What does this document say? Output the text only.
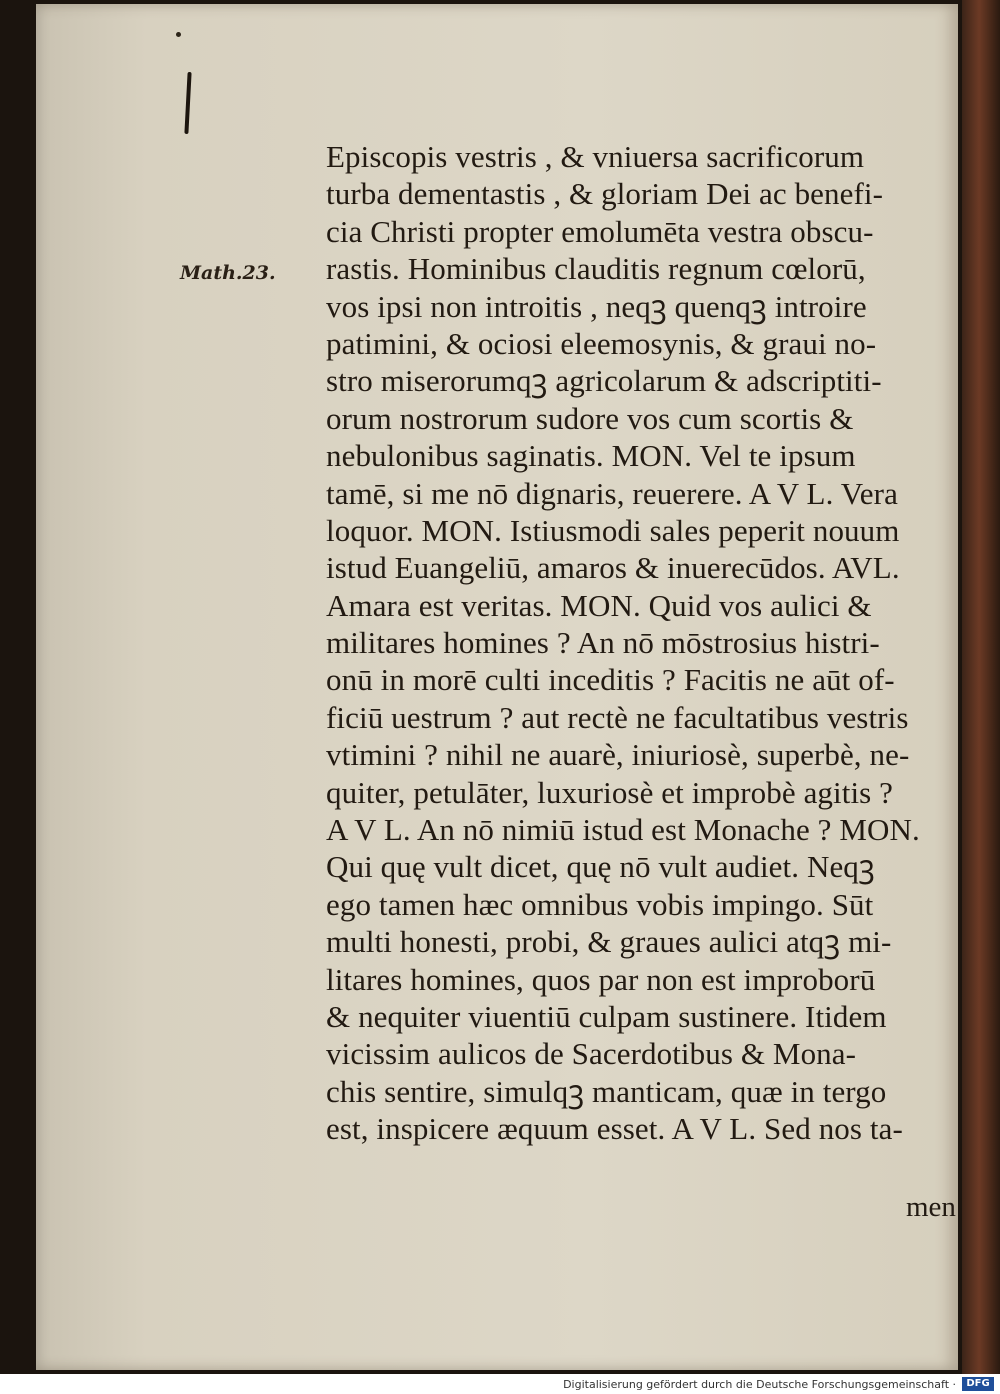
Math.23.
Episcopis vestris , & vniuersa sacrificorum
turba dementastis , & gloriam Dei ac benefi-
cia Christi propter emolumēta vestra obscu-
rastis. Hominibus clauditis regnum cœlorū,
vos ipsi non introitis , neqꝫ quenqꝫ introire
patimini, & ociosi eleemosynis, & graui no-
stro miserorumqꝫ agricolarum & adscriptiti-
orum nostrorum sudore vos cum scortis &
nebulonibus saginatis. MON. Vel te ipsum
tamē, si me nō dignaris, reuerere. A V L. Vera
loquor. MON. Istiusmodi sales peperit nouum
istud Euangeliū, amaros & inuerecūdos. AVL.
Amara est veritas. MON. Quid vos aulici &
militares homines ? An nō mōstrosius histri-
onū in morē culti inceditis ? Facitis ne aūt of-
ficiū uestrum ? aut rectè ne facultatibus vestris
vtimini ? nihil ne auarè, iniuriosè, superbè, ne-
quiter, petulāter, luxuriosè et improbè agitis ?
A V L. An nō nimiū istud est Monache ? MON.
Qui quę vult dicet, quę nō vult audiet. Neqꝫ
ego tamen hæc omnibus vobis impingo. Sūt
multi honesti, probi, & graues aulici atqꝫ mi-
litares homines, quos par non est improborū
& nequiter viuentiū culpam sustinere. Itidem
vicissim aulicos de Sacerdotibus & Mona-
chis sentire, simulqꝫ manticam, quæ in tergo
est, inspicere æquum esset. A V L. Sed nos ta-
men
Digitalisierung gefördert durch die Deutsche Forschungsgemeinschaft ·	DFG
